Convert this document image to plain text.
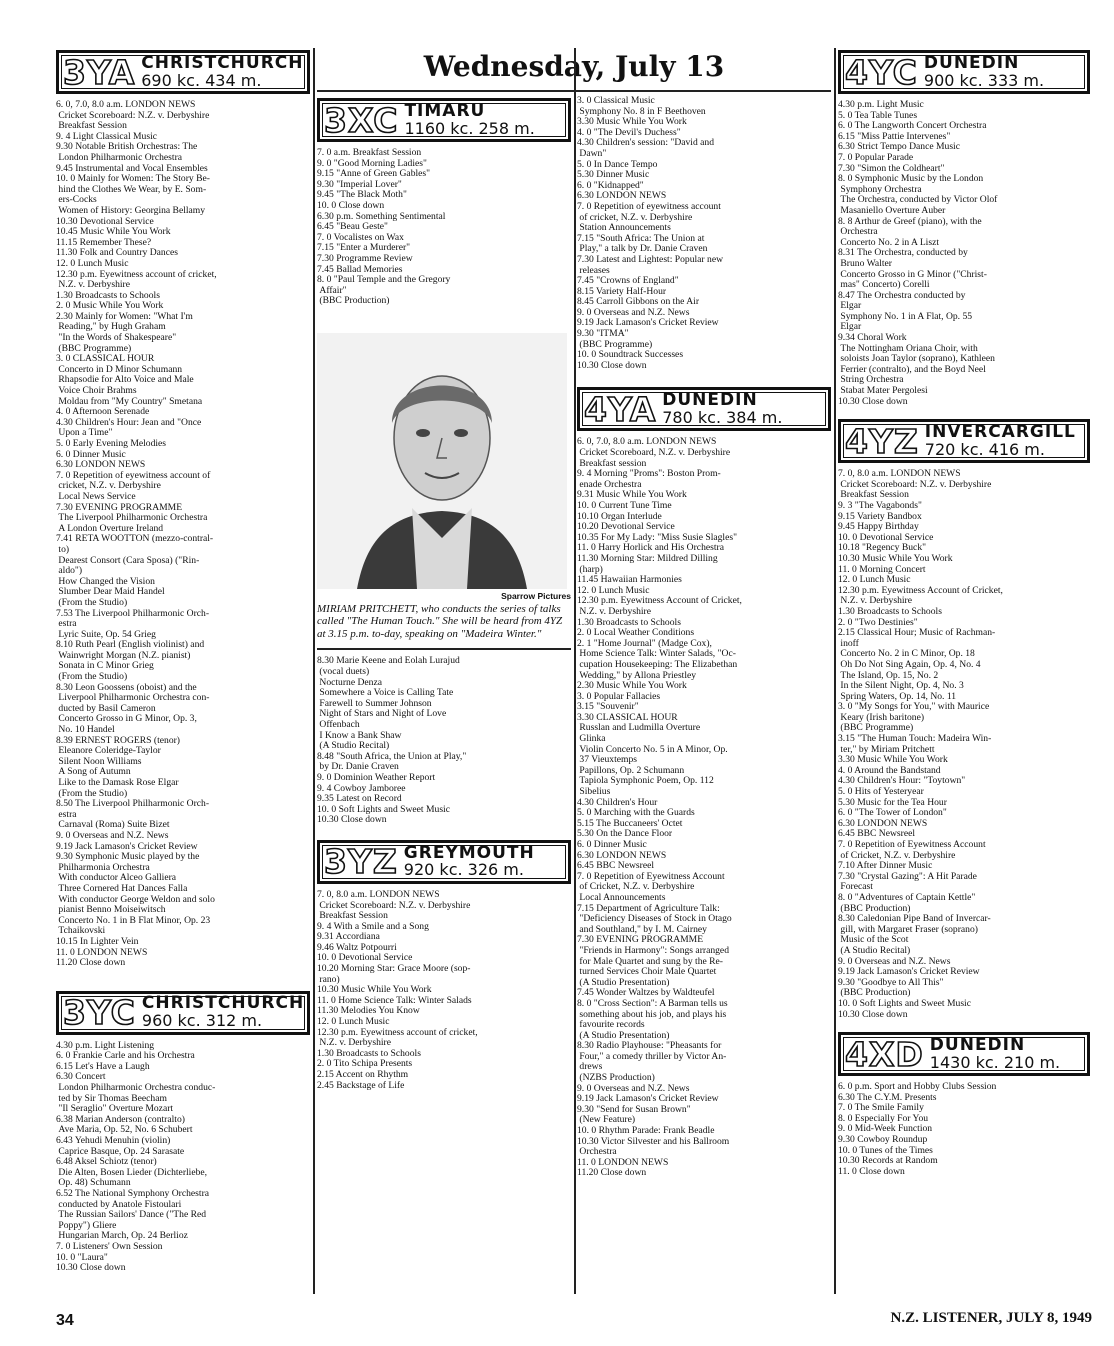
Wednesday, July 13
3YA CHRISTCHURCH
690 kc. 434 m.
6. 0, 7.0, 8.0 a.m. LONDON NEWS
Cricket Scoreboard: N.Z. v. Derbyshire
Breakfast Session
9. 4 Light Classical Music
9.30 Notable British Orchestras: The
London Philharmonic Orchestra
9.45 Instrumental and Vocal Ensembles
10. 0 Mainly for Women: The Story Be-
hind the Clothes We Wear, by E. Som-
ers-Cocks
Women of History: Georgina Bellamy
10.30 Devotional Service
10.45 Music While You Work
11.15 Remember These?
11.30 Folk and Country Dances
12. 0 Lunch Music
12.30 p.m. Eyewitness account of cricket,
N.Z. v. Derbyshire
1.30 Broadcasts to Schools
2. 0 Music While You Work
2.30 Mainly for Women: "What I'm
Reading," by Hugh Graham
"In the Words of Shakespeare"
(BBC Programme)
3. 0 CLASSICAL HOUR
Concerto in D Minor Schumann
Rhapsodie for Alto Voice and Male
Voice Choir Brahms
Moldau from "My Country" Smetana
4. 0 Afternoon Serenade
4.30 Children's Hour: Jean and "Once
Upon a Time"
5. 0 Early Evening Melodies
6. 0 Dinner Music
6.30 LONDON NEWS
7. 0 Repetition of eyewitness account of
cricket, N.Z. v. Derbyshire
Local News Service
7.30 EVENING PROGRAMME
The Liverpool Philharmonic Orchestra
A London Overture Ireland
7.41 RETA WOOTTON (mezzo-contral-
to)
Dearest Consort (Cara Sposa) ("Rin-
aldo")
How Changed the Vision
Slumber Dear Maid Handel
(From the Studio)
7.53 The Liverpool Philharmonic Orch-
estra
Lyric Suite, Op. 54 Grieg
8.10 Ruth Pearl (English violinist) and
Wainwright Morgan (N.Z. pianist)
Sonata in C Minor Grieg
(From the Studio)
8.30 Leon Goossens (oboist) and the
Liverpool Philharmonic Orchestra con-
ducted by Basil Cameron
Concerto Grosso in G Minor, Op. 3,
No. 10 Handel
8.39 ERNEST ROGERS (tenor)
Eleanore Coleridge-Taylor
Silent Noon Williams
A Song of Autumn
Like to the Damask Rose Elgar
(From the Studio)
8.50 The Liverpool Philharmonic Orch-
estra
Carnaval (Roma) Suite Bizet
9. 0 Overseas and N.Z. News
9.19 Jack Lamason's Cricket Review
9.30 Symphonic Music played by the
Philharmonia Orchestra
With conductor Alceo Galliera
Three Cornered Hat Dances Falla
With conductor George Weldon and solo
pianist Benno Moiseiwitsch
Concerto No. 1 in B Flat Minor, Op. 23
Tchaikovski
10.15 In Lighter Vein
11. 0 LONDON NEWS
11.20 Close down
3YC CHRISTCHURCH
960 kc. 312 m.
4.30 p.m. Light Listening
6. 0 Frankie Carle and his Orchestra
6.15 Let's Have a Laugh
6.30 Concert
London Philharmonic Orchestra conduc-
ted by Sir Thomas Beecham
"Il Seraglio" Overture Mozart
6.38 Marian Anderson (contralto)
Ave Maria, Op. 52, No. 6 Schubert
6.43 Yehudi Menuhin (violin)
Caprice Basque, Op. 24 Sarasate
6.48 Aksel Schiotz (tenor)
Die Alten, Bosen Lieder (Dichterliebe,
Op. 48) Schumann
6.52 The National Symphony Orchestra
conducted by Anatole Fistoulari
The Russian Sailors' Dance ("The Red
Poppy") Gliere
Hungarian March, Op. 24 Berlioz
7. 0 Listeners' Own Session
10. 0 "Laura"
10.30 Close down
3XC TIMARU
1160 kc. 258 m.
7. 0 a.m. Breakfast Session
9. 0 "Good Morning Ladies"
9.15 "Anne of Green Gables"
9.30 "Imperial Lover"
9.45 "The Black Moth"
10. 0 Close down
6.30 p.m. Something Sentimental
6.45 "Beau Geste"
7. 0 Vocalistes on Wax
7.15 "Enter a Murderer"
7.30 Programme Review
7.45 Ballad Memories
8. 0 "Paul Temple and the Gregory
Affair"
(BBC Production)
Sparrow Pictures
MIRIAM PRITCHETT, who conducts the series of talks called "The Human Touch." She will be heard from 4YZ at 3.15 p.m. to-day, speaking on "Madeira Winter."
8.30 Marie Keene and Eolah Lurajud
(vocal duets)
Nocturne Denza
Somewhere a Voice is Calling Tate
Farewell to Summer Johnson
Night of Stars and Night of Love
Offenbach
I Know a Bank Shaw
(A Studio Recital)
8.48 "South Africa, the Union at Play,"
by Dr. Danie Craven
9. 0 Dominion Weather Report
9. 4 Cowboy Jamboree
9.35 Latest on Record
10. 0 Soft Lights and Sweet Music
10.30 Close down
3YZ GREYMOUTH
920 kc. 326 m.
7. 0, 8.0 a.m. LONDON NEWS
Cricket Scoreboard: N.Z. v. Derbyshire
Breakfast Session
9. 4 With a Smile and a Song
9.31 Accordiana
9.46 Waltz Potpourri
10. 0 Devotional Service
10.20 Morning Star: Grace Moore (sop-
rano)
10.30 Music While You Work
11. 0 Home Science Talk: Winter Salads
11.30 Melodies You Know
12. 0 Lunch Music
12.30 p.m. Eyewitness account of cricket,
N.Z. v. Derbyshire
1.30 Broadcasts to Schools
2. 0 Tito Schipa Presents
2.15 Accent on Rhythm
2.45 Backstage of Life
3. 0 Classical Music
Symphony No. 8 in F Beethoven
3.30 Music While You Work
4. 0 "The Devil's Duchess"
4.30 Children's session: "David and
Dawn"
5. 0 In Dance Tempo
5.30 Dinner Music
6. 0 "Kidnapped"
6.30 LONDON NEWS
7. 0 Repetition of eyewitness account
of cricket, N.Z. v. Derbyshire
Station Announcements
7.15 "South Africa: The Union at
Play," a talk by Dr. Danie Craven
7.30 Latest and Lightest: Popular new
releases
7.45 "Crowns of England"
8.15 Variety Half-Hour
8.45 Carroll Gibbons on the Air
9. 0 Overseas and N.Z. News
9.19 Jack Lamason's Cricket Review
9.30 "ITMA"
(BBC Programme)
10. 0 Soundtrack Successes
10.30 Close down
4YA DUNEDIN
780 kc. 384 m.
6. 0, 7.0, 8.0 a.m. LONDON NEWS
Cricket Scoreboard, N.Z. v. Derbyshire
Breakfast session
9. 4 Morning "Proms": Boston Prom-
enade Orchestra
9.31 Music While You Work
10. 0 Current Tune Time
10.10 Organ Interlude
10.20 Devotional Service
10.35 For My Lady: "Miss Susie Slagles"
11. 0 Harry Horlick and His Orchestra
11.30 Morning Star: Mildred Dilling
(harp)
11.45 Hawaiian Harmonies
12. 0 Lunch Music
12.30 p.m. Eyewitness Account of Cricket,
N.Z. v. Derbyshire
1.30 Broadcasts to Schools
2. 0 Local Weather Conditions
2. 1 "Home Journal" (Madge Cox),
Home Science Talk: Winter Salads, "Oc-
cupation Housekeeping: The Elizabethan
Wedding," by Allona Priestley
2.30 Music While You Work
3. 0 Popular Fallacies
3.15 "Souvenir"
3.30 CLASSICAL HOUR
Russlan and Ludmilla Overture
Glinka
Violin Concerto No. 5 in A Minor, Op.
37 Vieuxtemps
Papillons, Op. 2 Schumann
Tapiola Symphonic Poem, Op. 112
Sibelius
4.30 Children's Hour
5. 0 Marching with the Guards
5.15 The Buccaneers' Octet
5.30 On the Dance Floor
6. 0 Dinner Music
6.30 LONDON NEWS
6.45 BBC Newsreel
7. 0 Repetition of Eyewitness Account
of Cricket, N.Z. v. Derbyshire
Local Announcements
7.15 Department of Agriculture Talk:
"Deficiency Diseases of Stock in Otago
and Southland," by I. M. Cairney
7.30 EVENING PROGRAMME
"Friends in Harmony": Songs arranged
for Male Quartet and sung by the Re-
turned Services Choir Male Quartet
(A Studio Presentation)
7.45 Wonder Waltzes by Waldteufel
8. 0 "Cross Section": A Barman tells us
something about his job, and plays his
favourite records
(A Studio Presentation)
8.30 Radio Playhouse: "Pheasants for
Four," a comedy thriller by Victor An-
drews
(NZBS Production)
9. 0 Overseas and N.Z. News
9.19 Jack Lamason's Cricket Review
9.30 "Send for Susan Brown"
(New Feature)
10. 0 Rhythm Parade: Frank Beadle
10.30 Victor Silvester and his Ballroom
Orchestra
11. 0 LONDON NEWS
11.20 Close down
4YC DUNEDIN
900 kc. 333 m.
4.30 p.m. Light Music
5. 0 Tea Table Tunes
6. 0 The Langworth Concert Orchestra
6.15 "Miss Pattie Intervenes"
6.30 Strict Tempo Dance Music
7. 0 Popular Parade
7.30 "Simon the Coldheart"
8. 0 Symphonic Music by the London
Symphony Orchestra
The Orchestra, conducted by Victor Olof
Masaniello Overture Auber
8. 8 Arthur de Greef (piano), with the
Orchestra
Concerto No. 2 in A Liszt
8.31 The Orchestra, conducted by
Bruno Walter
Concerto Grosso in G Minor ("Christ-
mas" Concerto) Corelli
8.47 The Orchestra conducted by
Elgar
Symphony No. 1 in A Flat, Op. 55
Elgar
9.34 Choral Work
The Nottingham Oriana Choir, with
soloists Joan Taylor (soprano), Kathleen
Ferrier (contralto), and the Boyd Neel
String Orchestra
Stabat Mater Pergolesi
10.30 Close down
4YZ INVERCARGILL
720 kc. 416 m.
7. 0, 8.0 a.m. LONDON NEWS
Cricket Scoreboard: N.Z. v. Derbyshire
Breakfast Session
9. 3 "The Vagabonds"
9.15 Variety Bandbox
9.45 Happy Birthday
10. 0 Devotional Service
10.18 "Regency Buck"
10.30 Music While You Work
11. 0 Morning Concert
12. 0 Lunch Music
12.30 p.m. Eyewitness Account of Cricket,
N.Z. v. Derbyshire
1.30 Broadcasts to Schools
2. 0 "Two Destinies"
2.15 Classical Hour; Music of Rachman-
inoff
Concerto No. 2 in C Minor, Op. 18
Oh Do Not Sing Again, Op. 4, No. 4
The Island, Op. 15, No. 2
In the Silent Night, Op. 4, No. 3
Spring Waters, Op. 14, No. 11
3. 0 "My Songs for You," with Maurice
Keary (Irish baritone)
(BBC Programme)
3.15 "The Human Touch: Madeira Win-
ter," by Miriam Pritchett
3.30 Music While You Work
4. 0 Around the Bandstand
4.30 Children's Hour: "Toytown"
5. 0 Hits of Yesteryear
5.30 Music for the Tea Hour
6. 0 "The Tower of London"
6.30 LONDON NEWS
6.45 BBC Newsreel
7. 0 Repetition of Eyewitness Account
of Cricket, N.Z. v. Derbyshire
7.10 After Dinner Music
7.30 "Crystal Gazing": A Hit Parade
Forecast
8. 0 "Adventures of Captain Kettle"
(BBC Production)
8.30 Caledonian Pipe Band of Invercar-
gill, with Margaret Fraser (soprano)
Music of the Scot
(A Studio Recital)
9. 0 Overseas and N.Z. News
9.19 Jack Lamason's Cricket Review
9.30 "Goodbye to All This"
(BBC Production)
10. 0 Soft Lights and Sweet Music
10.30 Close down
4XD DUNEDIN
1430 kc. 210 m.
6. 0 p.m. Sport and Hobby Clubs Session
6.30 The C.Y.M. Presents
7. 0 The Smile Family
8. 0 Especially For You
9. 0 Mid-Week Function
9.30 Cowboy Roundup
10. 0 Tunes of the Times
10.30 Records at Random
11. 0 Close down
34	N.Z. LISTENER, JULY 8, 1949
